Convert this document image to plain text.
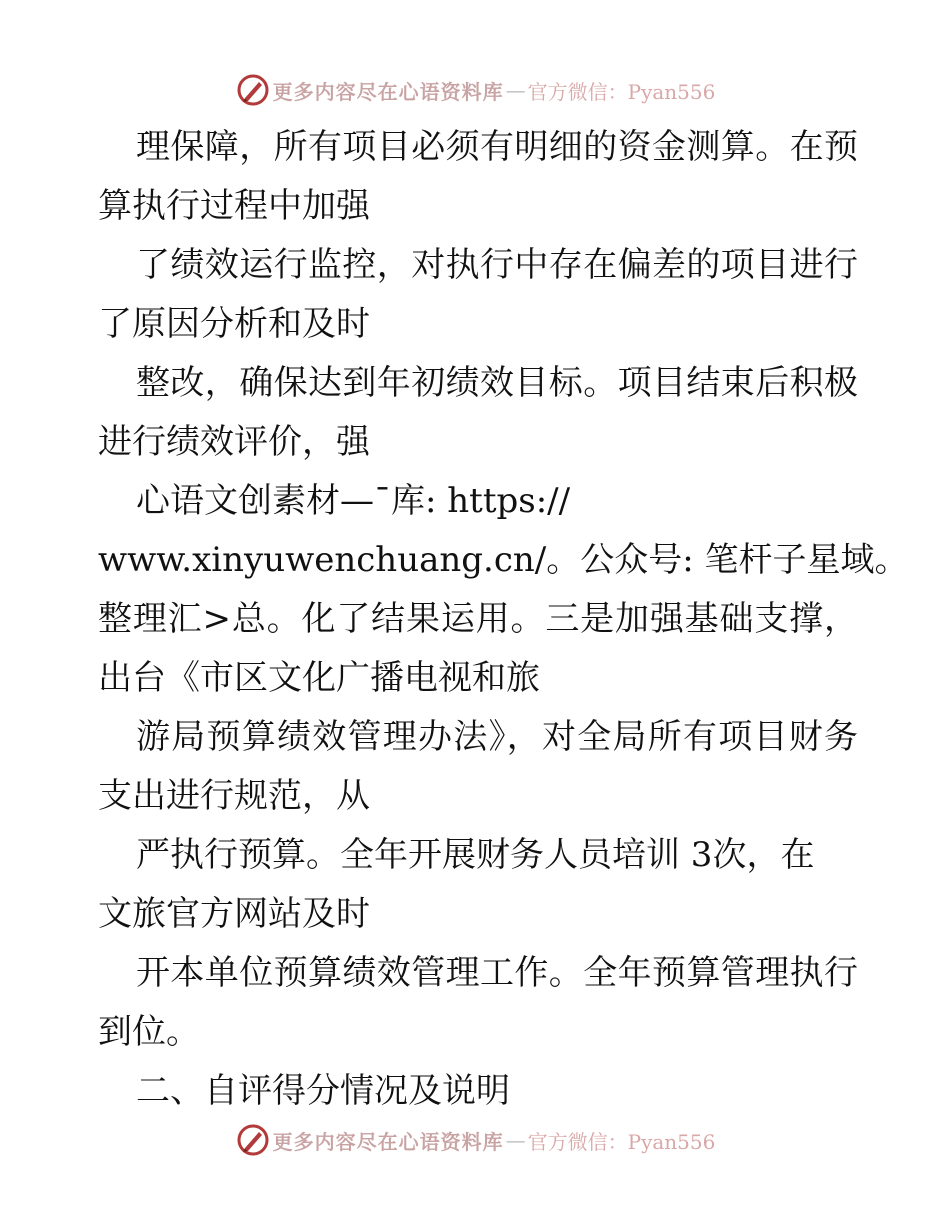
更多内容尽在心语资料库 — 官方微信：Pyan556
理保障，所有项目必须有明细的资金测算。在预
算执行过程中加强
了绩效运行监控，对执行中存在偏差的项目进行
了原因分析和及时
整改，确保达到年初绩效目标。项目结束后积极
进行绩效评价，强
心语文创素材—¯库: https://
www.xinyuwenchuang.cn/。公众号: 笔杆子星域。
整理汇>总。化了结果运用。三是加强基础支撑，
出台《市区文化广播电视和旅
游局预算绩效管理办法》，对全局所有项目财务
支出进行规范，从
严执行预算。全年开展财务人员培训 3次，在
文旅官方网站及时
开本单位预算绩效管理工作。全年预算管理执行
到位。
二、自评得分情况及说明
更多内容尽在心语资料库 — 官方微信：Pyan556
